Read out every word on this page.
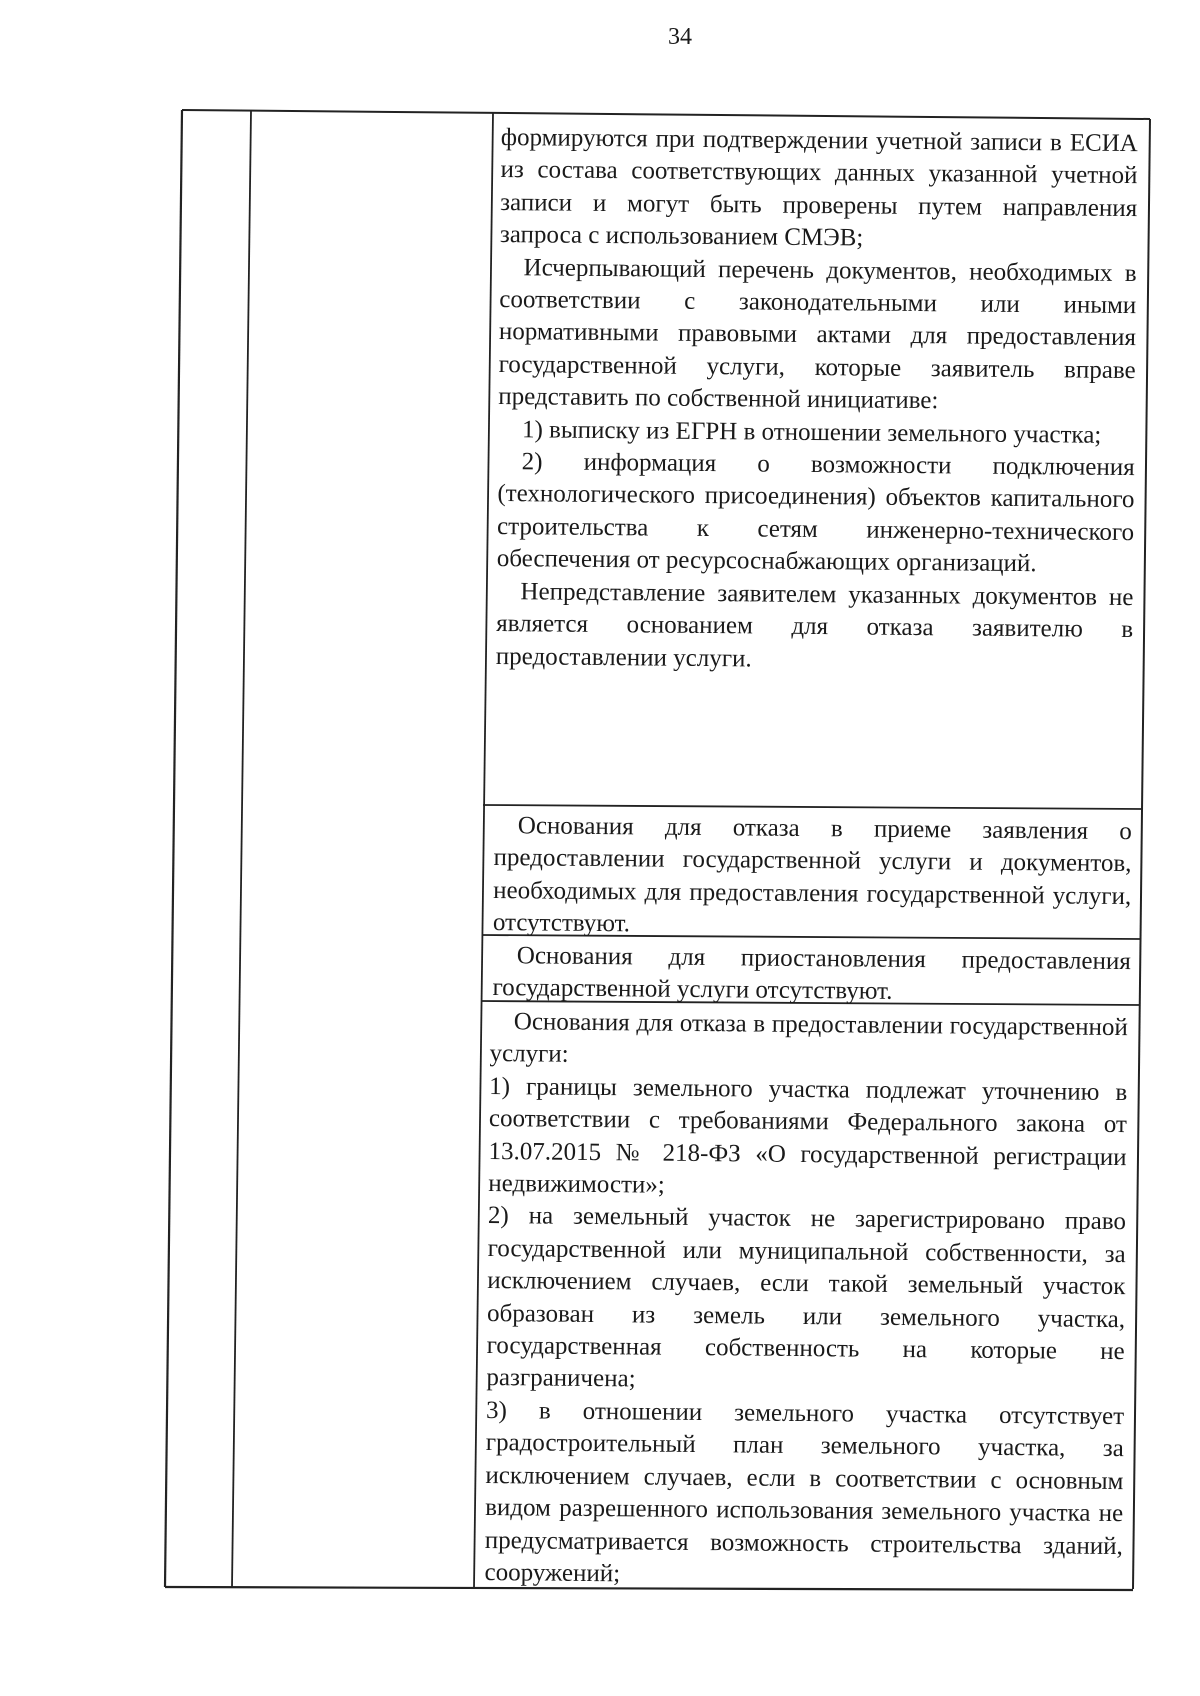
34

формируются при подтверждении учетной записи в ЕСИА из состава соответствующих данных указанной учетной записи и могут быть проверены путем направления запроса с использованием СМЭВ;

Исчерпывающий перечень документов, необходимых в соответствии с законодательными или иными нормативными правовыми актами для предоставления государственной услуги, которые заявитель вправе представить по собственной инициативе:

1) выписку из ЕГРН в отношении земельного участка;

2) информация о возможности подключения (технологического присоединения) объектов капитального строительства к сетям инженерно-технического обеспечения от ресурсоснабжающих организаций.

Непредставление заявителем указанных документов не является основанием для отказа заявителю в предоставлении услуги.

Основания для отказа в приеме заявления о предоставлении государственной услуги и документов, необходимых для предоставления государственной услуги, отсутствуют.

Основания для приостановления предоставления государственной услуги отсутствуют.

Основания для отказа в предоставлении государственной услуги:

1) границы земельного участка подлежат уточнению в соответствии с требованиями Федерального закона от 13.07.2015 № 218-ФЗ «О государственной регистрации недвижимости»;

2) на земельный участок не зарегистрировано право государственной или муниципальной собственности, за исключением случаев, если такой земельный участок образован из земель или земельного участка, государственная собственность на которые не разграничена;

3) в отношении земельного участка отсутствует градостроительный план земельного участка, за исключением случаев, если в соответствии с основным видом разрешенного использования земельного участка не предусматривается возможность строительства зданий, сооружений;
